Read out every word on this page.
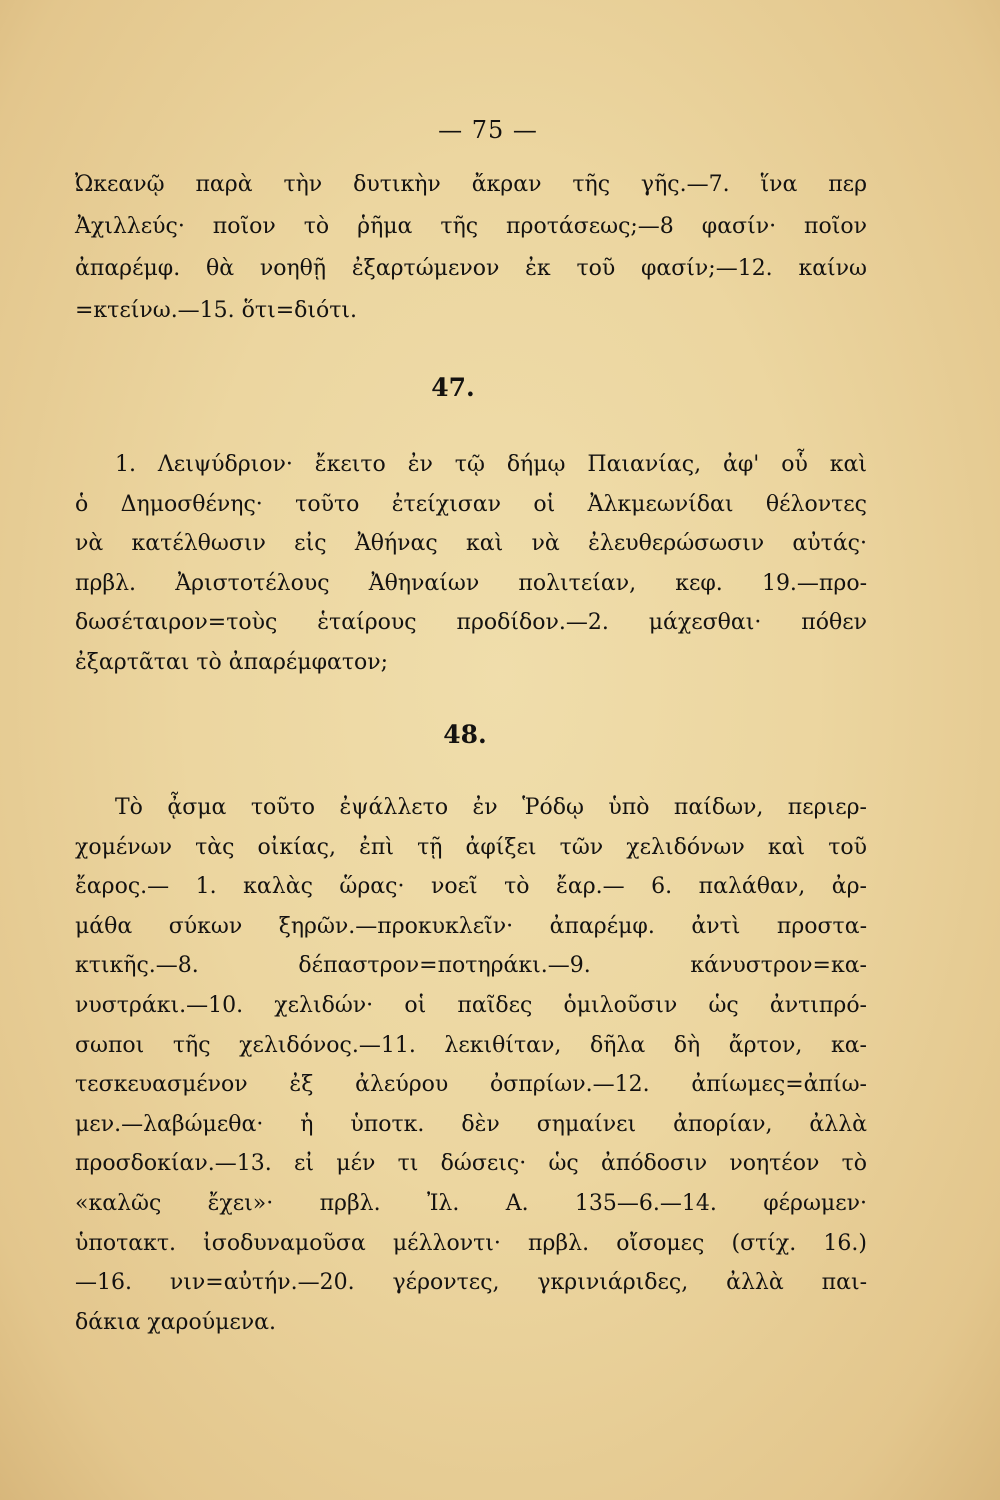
— 75 —
Ὠκεανῷ παρὰ τὴν δυτικὴν ἄκραν τῆς γῆς.—7. ἵνα περ
Ἀχιλλεύς· ποῖον τὸ ῥῆμα τῆς προτάσεως;—8 φασίν· ποῖον
ἀπαρέμφ. θὰ νοηθῇ ἐξαρτώμενον ἐκ τοῦ φασίν;—12. καίνω
=κτείνω.—15. ὅτι=διότι.
47.
1. Λειψύδριον· ἔκειτο ἐν τῷ δήμῳ Παιανίας, ἀφ' οὗ καὶ
ὁ Δημοσθένης· τοῦτο ἐτείχισαν οἱ Ἀλκμεωνίδαι θέλοντες
νὰ κατέλθωσιν εἰς Ἀθήνας καὶ νὰ ἐλευθερώσωσιν αὐτάς·
πρβλ. Ἀριστοτέλους Ἀθηναίων πολιτείαν, κεφ. 19.—προ-
δωσέταιρον=τοὺς ἑταίρους προδίδον.—2. μάχεσθαι· πόθεν
ἐξαρτᾶται τὸ ἀπαρέμφατον;
48.
Τὸ ᾆσμα τοῦτο ἐψάλλετο ἐν Ῥόδῳ ὑπὸ παίδων, περιερ-
χομένων τὰς οἰκίας, ἐπὶ τῇ ἀφίξει τῶν χελιδόνων καὶ τοῦ
ἔαρος.— 1. καλὰς ὥρας· νοεῖ τὸ ἔαρ.— 6. παλάθαν, ἀρ-
μάθα σύκων ξηρῶν.—προκυκλεῖν· ἀπαρέμφ. ἀντὶ προστα-
κτικῆς.—8. δέπαστρον=ποτηράκι.—9. κάνυστρον=κα-
νυστράκι.—10. χελιδών· οἱ παῖδες ὁμιλοῦσιν ὡς ἀντιπρό-
σωποι τῆς χελιδόνος.—11. λεκιθίταν, δῆλα δὴ ἄρτον, κα-
τεσκευασμένον ἐξ ἀλεύρου ὀσπρίων.—12. ἀπίωμες=ἀπίω-
μεν.—λαβώμεθα· ἡ ὑποτκ. δὲν σημαίνει ἀπορίαν, ἀλλὰ
προσδοκίαν.—13. εἰ μέν τι δώσεις· ὡς ἀπόδοσιν νοητέον τὸ
«καλῶς ἔχει»· πρβλ. Ἰλ. Α. 135—6.—14. φέρωμεν·
ὑποτακτ. ἰσοδυναμοῦσα μέλλοντι· πρβλ. οἴσομες (στίχ. 16.)
—16. νιν=αὐτήν.—20. γέροντες, γκρινιάριδες, ἀλλὰ παι-
δάκια χαρούμενα.
